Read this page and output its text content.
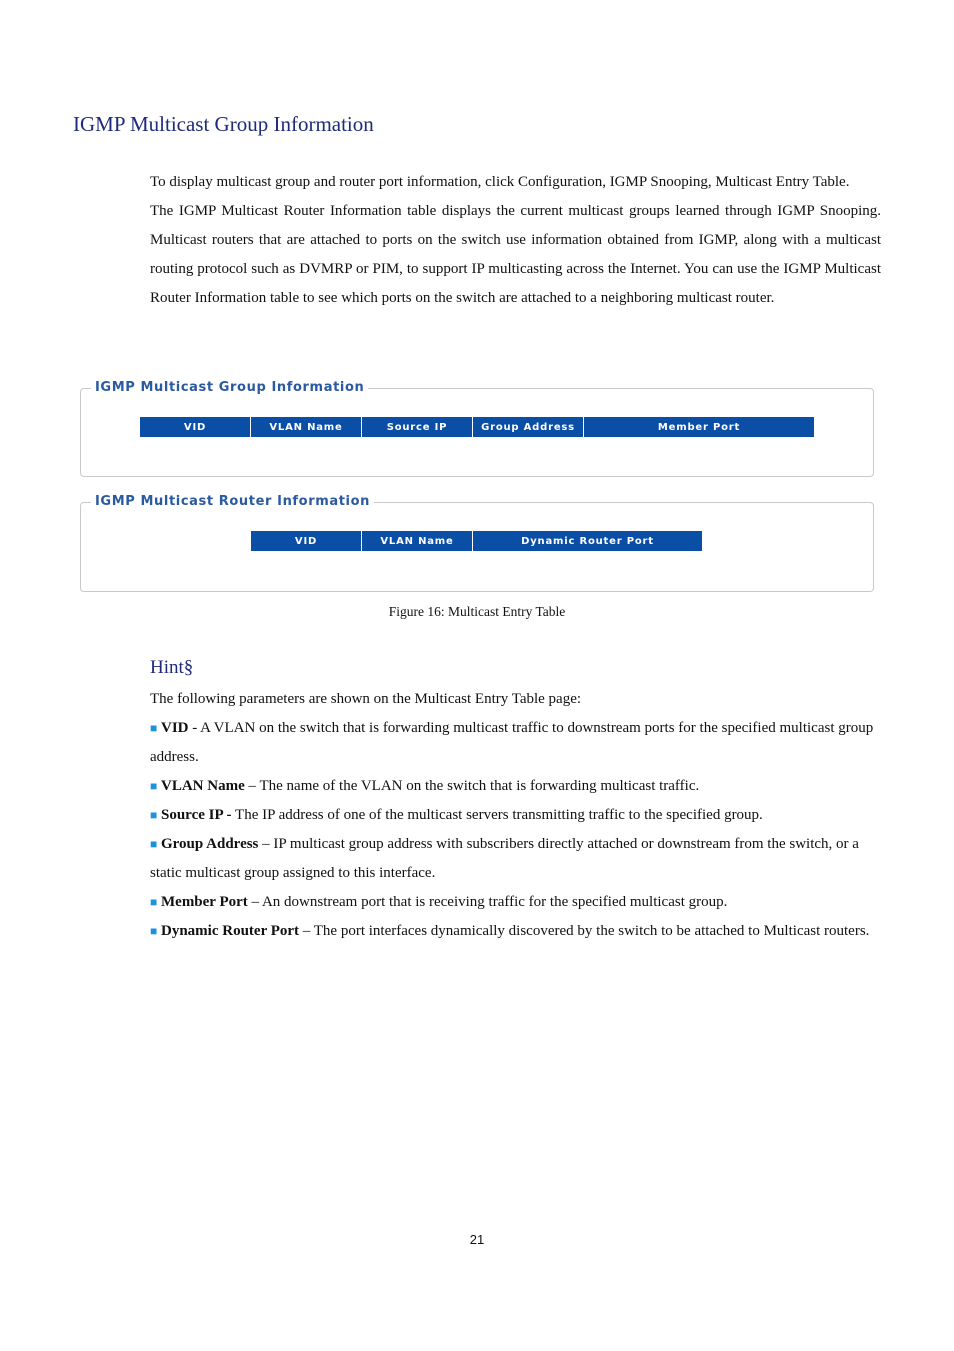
IGMP Multicast Group Information

To display multicast group and router port information, click Configuration, IGMP Snooping, Multicast Entry Table.

The IGMP Multicast Router Information table displays the current multicast groups learned through IGMP Snooping. Multicast routers that are attached to ports on the switch use information obtained from IGMP, along with a multicast routing protocol such as DVMRP or PIM, to support IP multicasting across the Internet. You can use the IGMP Multicast Router Information table to see which ports on the switch are attached to a neighboring multicast router.

IGMP Multicast Group Information
VID	VLAN Name	Source IP	Group Address	Member Port
IGMP Multicast Router Information
VID	VLAN Name	Dynamic Router Port

Figure 16: Multicast Entry Table

Hint§

The following parameters are shown on the Multicast Entry Table page:

■ VID - A VLAN on the switch that is forwarding multicast traffic to downstream ports for the specified multicast group address.

■ VLAN Name – The name of the VLAN on the switch that is forwarding multicast traffic.

■ Source IP - The IP address of one of the multicast servers transmitting traffic to the specified group.

■ Group Address – IP multicast group address with subscribers directly attached or downstream from the switch, or a static multicast group assigned to this interface.

■ Member Port – An downstream port that is receiving traffic for the specified multicast group.

■ Dynamic Router Port – The port interfaces dynamically discovered by the switch to be attached to Multicast routers.

21
